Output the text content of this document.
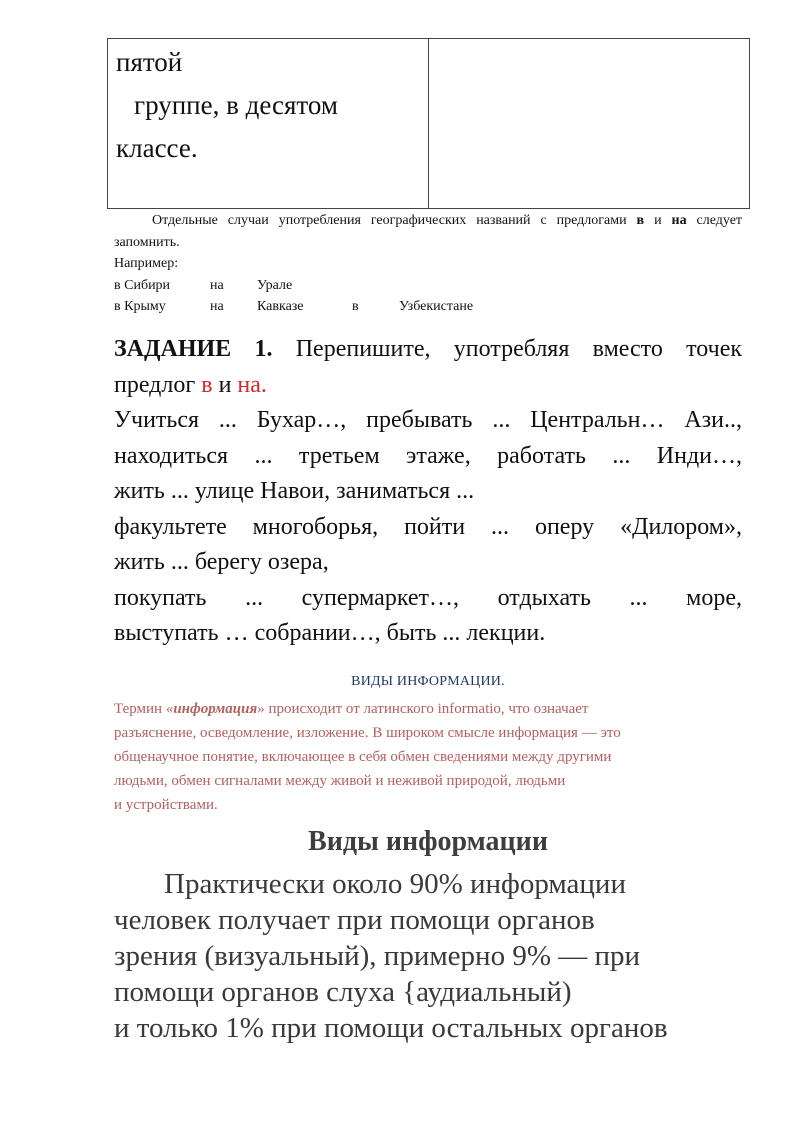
пятой
группе, в десятом
классе.
Отдельные случаи употребления географических названий с предлогами в и на следует запомнить.
Например:
в Сибири	на	Урале
в Крыму	на	Кавказе	в	Узбекистане
ЗАДАНИЕ 1. Перепишите, употребляя вместо точек
предлог в и на.
Учиться ... Бухар…, пребывать ... Центральн… Ази..,
находиться ... третьем этаже, работать ... Инди…,
жить ... улице Навои, заниматься ...
факультете многоборья, пойти ... оперу «Дилором»,
жить ... берегу озера,
покупать ... супермаркет…, отдыхать ... море,
выступать … собрании…, быть ... лекции.
ВИДЫ ИНФОРМАЦИИ.
Термин «информация» происходит от латинского informatio, что означает
разъяснение, осведомление, изложение. В широком смысле информация — это
общенаучное понятие, включающее в себя обмен сведениями между другими
людьми, обмен сигналами между живой и неживой природой, людьми
и устройствами.
Виды информации
Практически около 90% информации
человек получает при помощи органов
зрения (визуальный), примерно 9% — при
помощи органов слуха {аудиальный)
и только 1% при помощи остальных органов
